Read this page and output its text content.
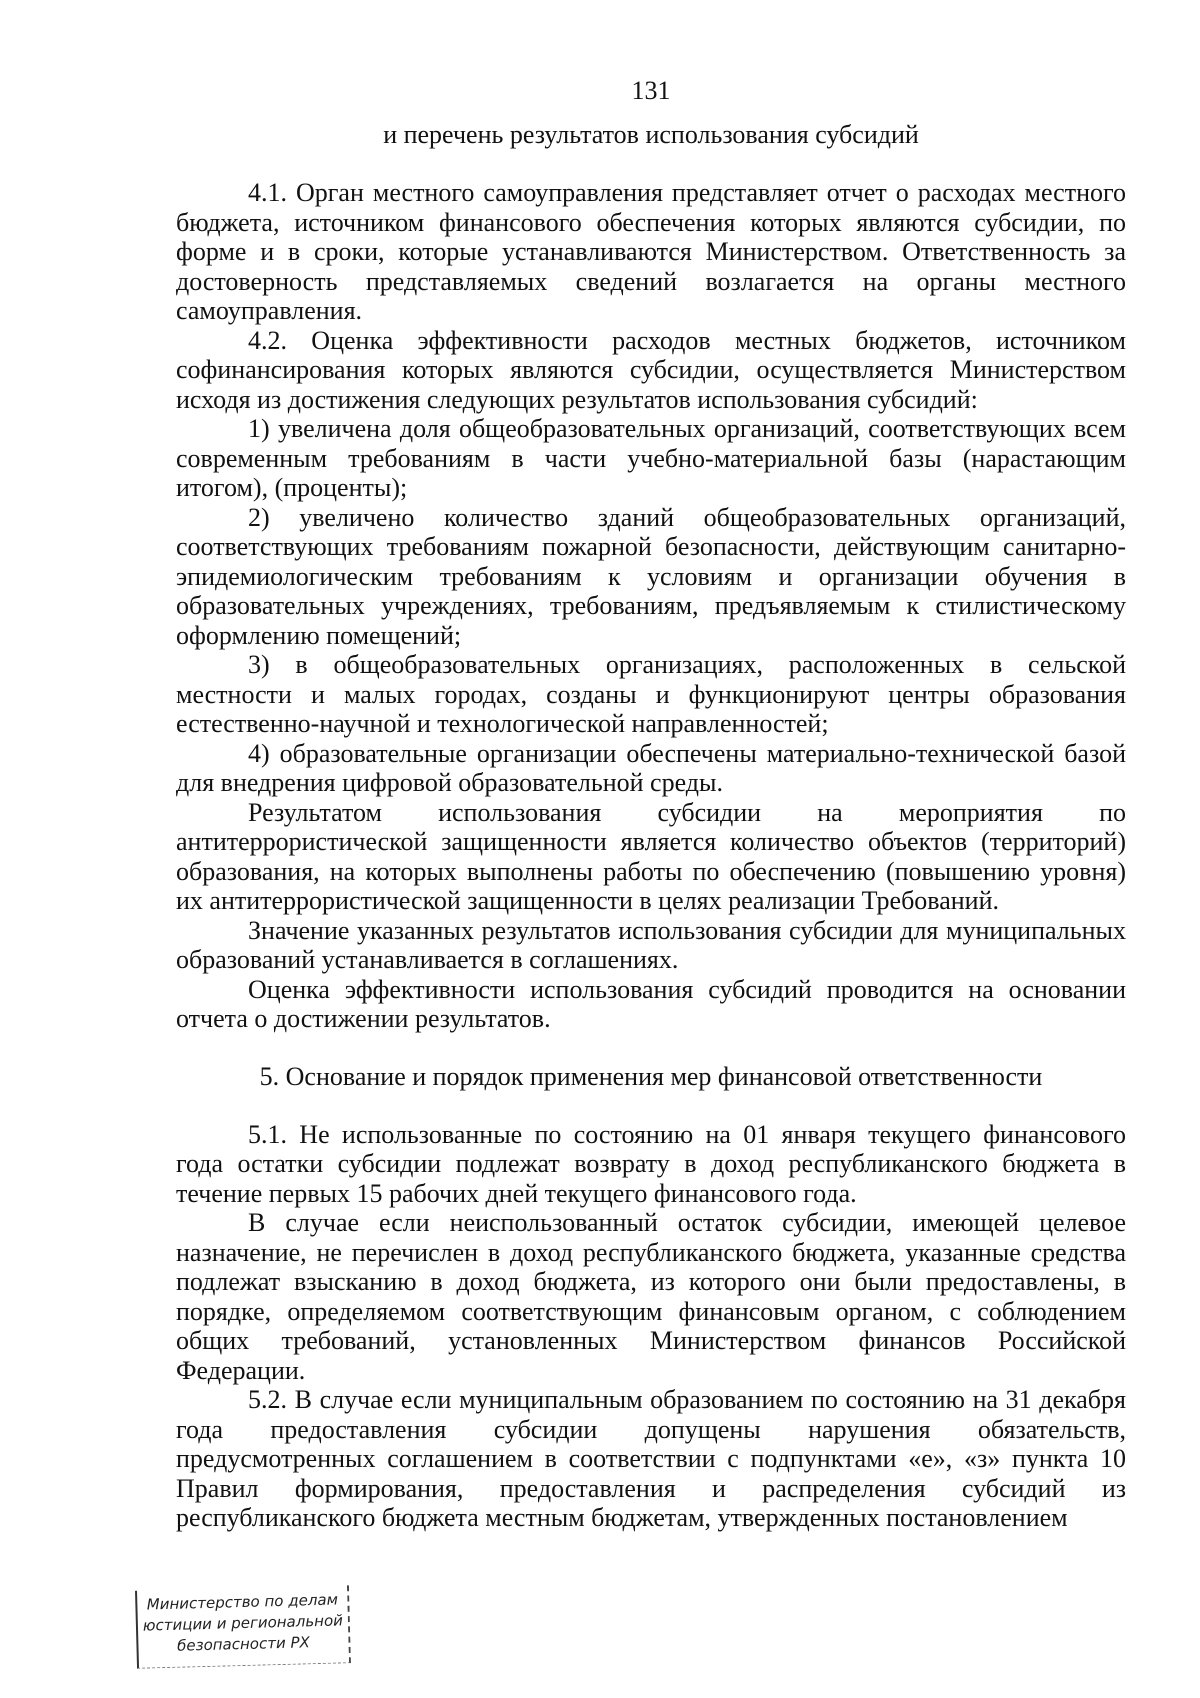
131
и перечень результатов использования субсидий

4.1. Орган местного самоуправления представляет отчет о расходах местного бюджета, источником финансового обеспечения которых являются субсидии, по форме и в сроки, которые устанавливаются Министерством. Ответственность за достоверность представляемых сведений возлагается на органы местного самоуправления.

4.2. Оценка эффективности расходов местных бюджетов, источником софинансирования которых являются субсидии, осуществляется Министерством исходя из достижения следующих результатов использования субсидий:

1) увеличена доля общеобразовательных организаций, соответствующих всем современным требованиям в части учебно-материальной базы (нарастающим итогом), (проценты);

2) увеличено количество зданий общеобразовательных организаций, соответствующих требованиям пожарной безопасности, действующим санитарно-эпидемиологическим требованиям к условиям и организации обучения в образовательных учреждениях, требованиям, предъявляемым к стилистическому оформлению помещений;

3) в общеобразовательных организациях, расположенных в сельской местности и малых городах, созданы и функционируют центры образования естественно-научной и технологической направленностей;

4) образовательные организации обеспечены материально-технической базой для внедрения цифровой образовательной среды.

Результатом использования субсидии на мероприятия по антитеррористической защищенности является количество объектов (территорий) образования, на которых выполнены работы по обеспечению (повышению уровня) их антитеррористической защищенности в целях реализации Требований.

Значение указанных результатов использования субсидии для муниципальных образований устанавливается в соглашениях.

Оценка эффективности использования субсидий проводится на основании отчета о достижении результатов.

5. Основание и порядок применения мер финансовой ответственности

5.1. Не использованные по состоянию на 01 января текущего финансового года остатки субсидии подлежат возврату в доход республиканского бюджета в течение первых 15 рабочих дней текущего финансового года.

В случае если неиспользованный остаток субсидии, имеющей целевое назначение, не перечислен в доход республиканского бюджета, указанные средства подлежат взысканию в доход бюджета, из которого они были предоставлены, в порядке, определяемом соответствующим финансовым органом, с соблюдением общих требований, установленных Министерством финансов Российской Федерации.

5.2. В случае если муниципальным образованием по состоянию на 31 декабря года предоставления субсидии допущены нарушения обязательств, предусмотренных соглашением в соответствии с подпунктами «е», «з» пункта 10 Правил формирования, предоставления и распределения субсидий из республиканского бюджета местным бюджетам, утвержденных постановлением

Министерство по делам
юстиции и региональной
безопасности РХ
